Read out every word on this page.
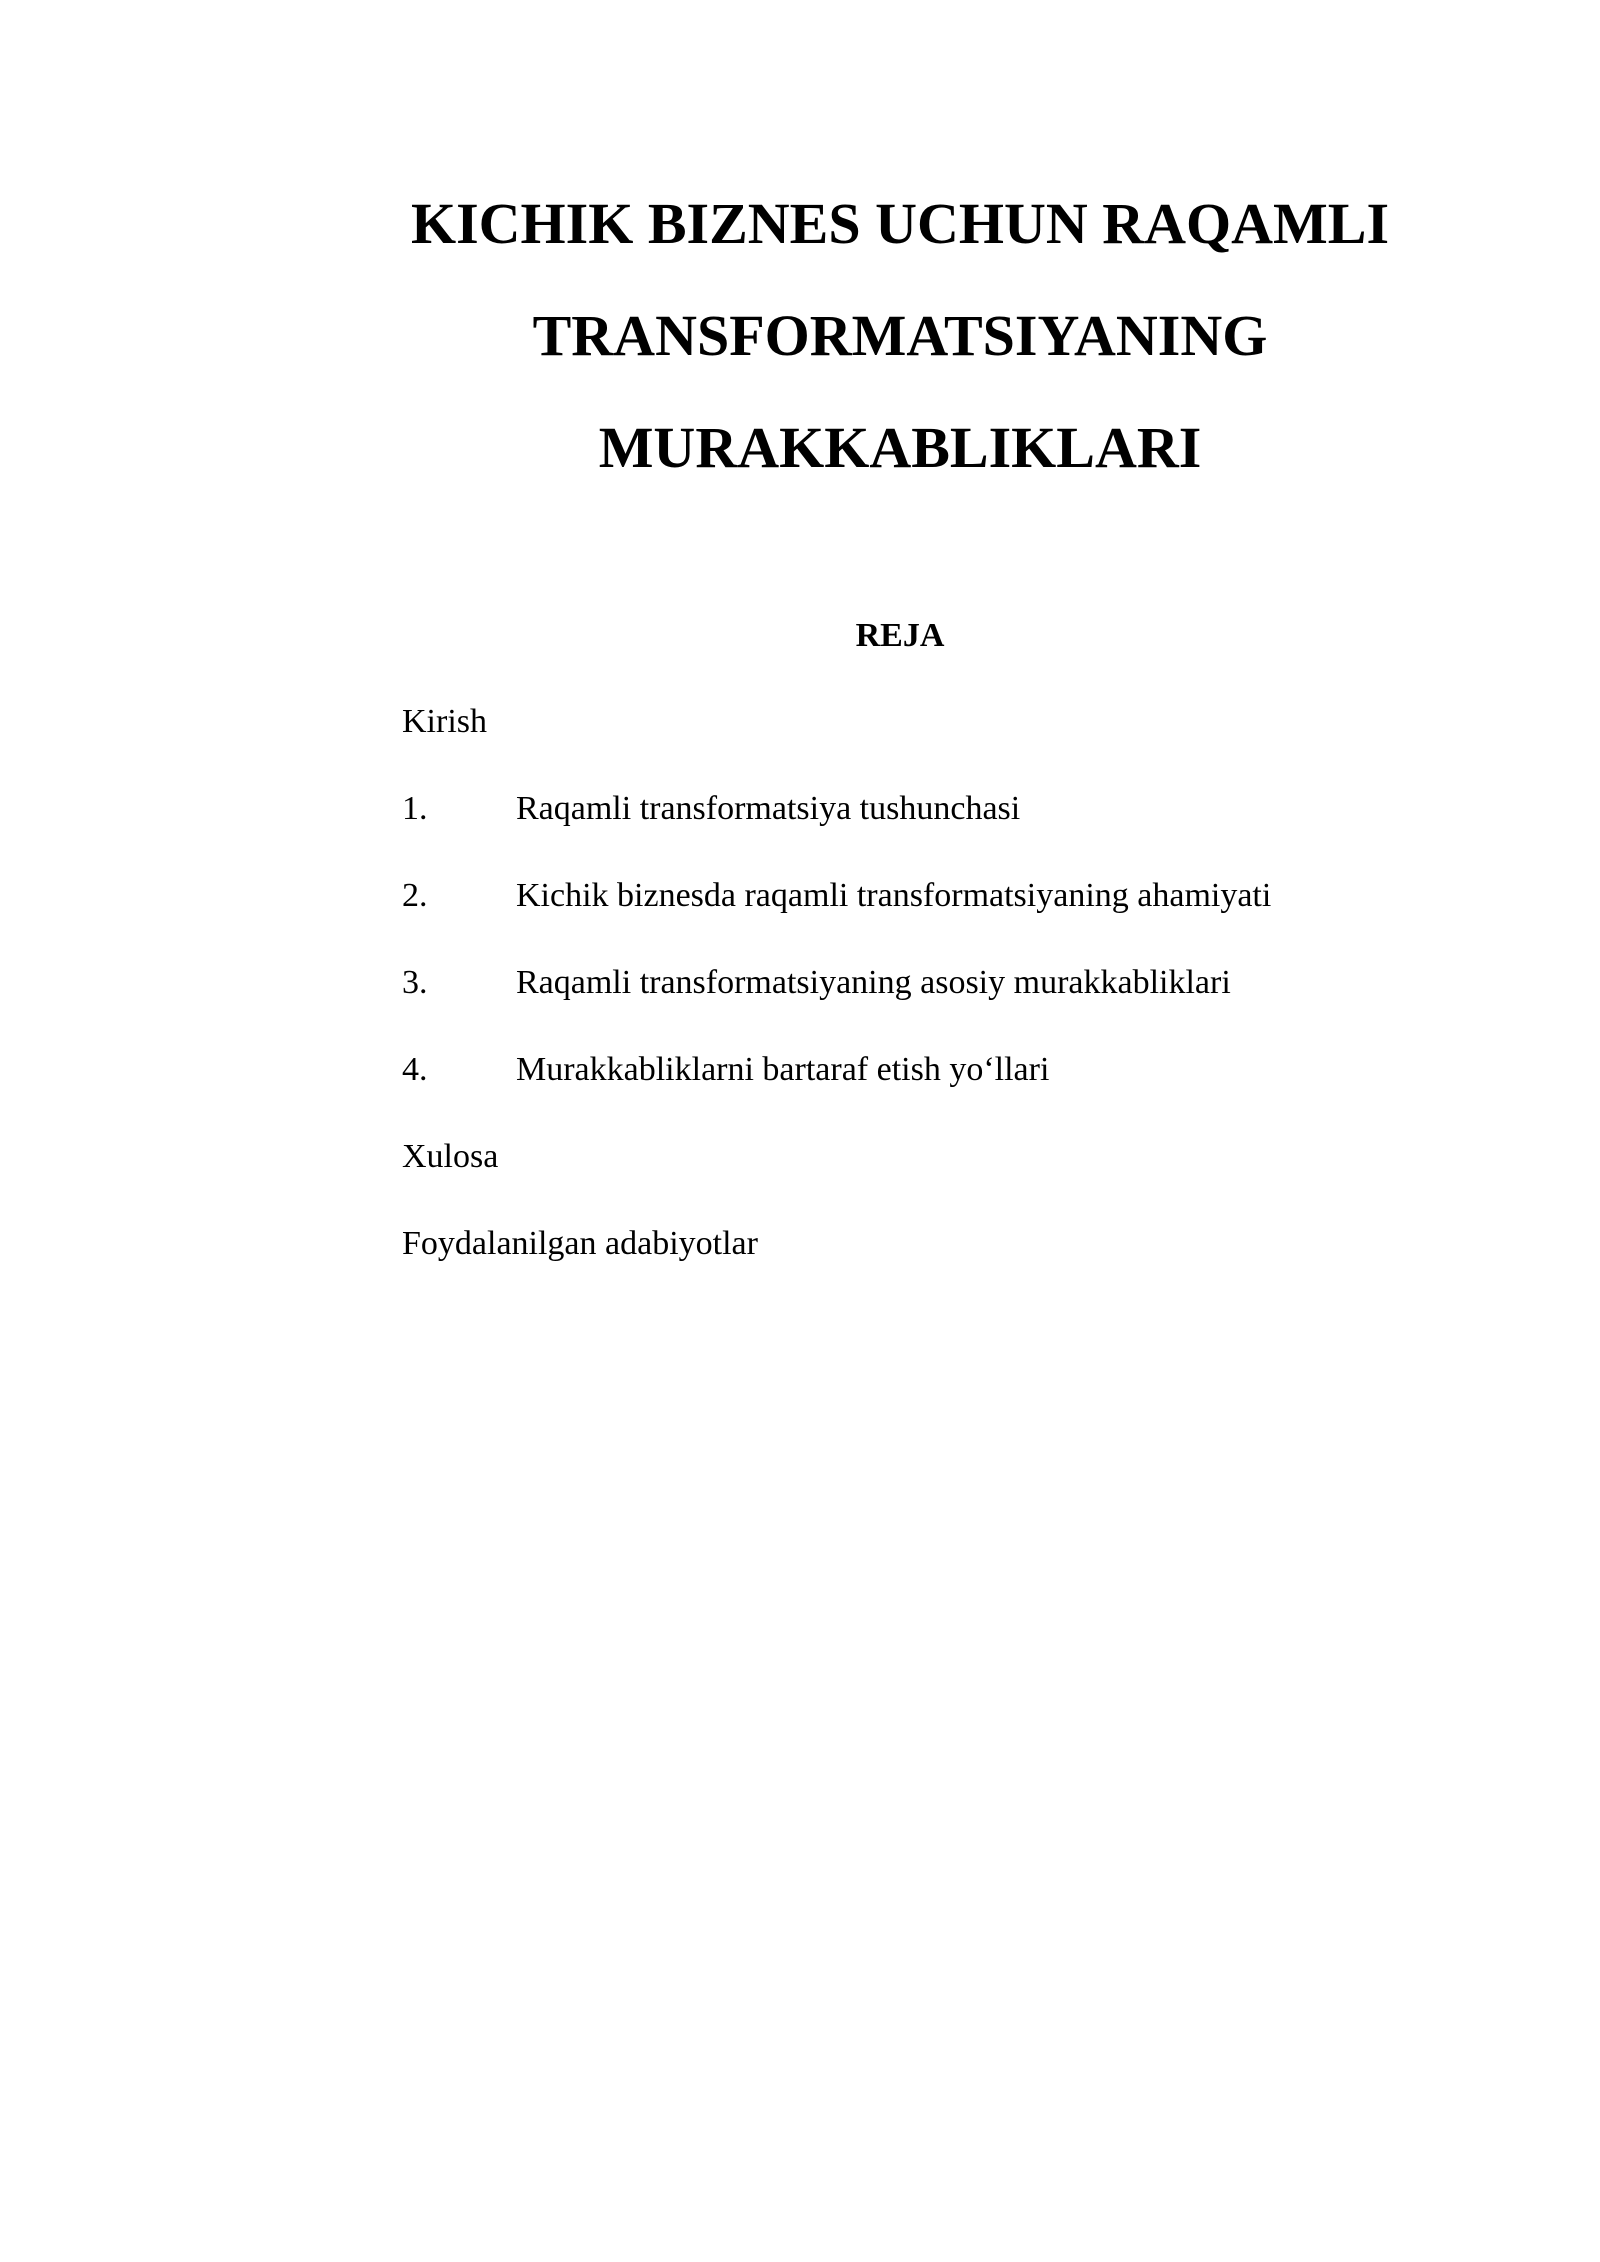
KICHIK BIZNES UCHUN RAQAMLI
TRANSFORMATSIYANING
MURAKKABLIKLARI
REJA
Kirish
1.	Raqamli transformatsiya tushunchasi
2.	Kichik biznesda raqamli transformatsiyaning ahamiyati
3.	Raqamli transformatsiyaning asosiy murakkabliklari
4.	Murakkabliklarni bartaraf etish yo‘llari
Xulosa
Foydalanilgan adabiyotlar
